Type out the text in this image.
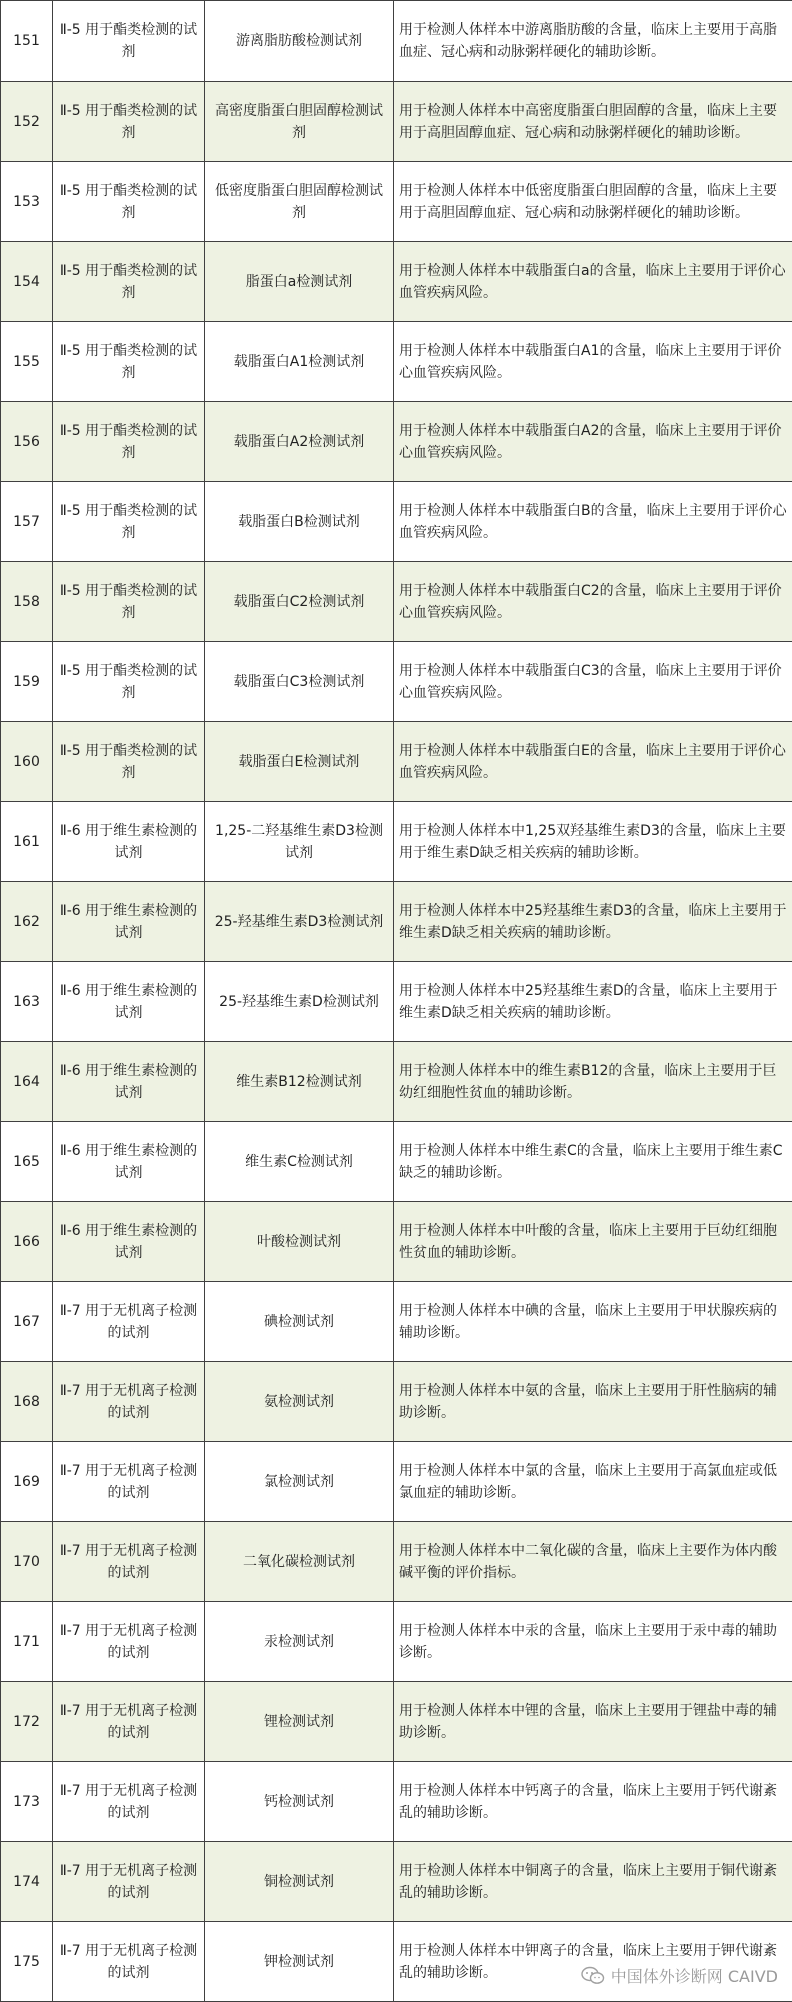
151	Ⅱ-5 用于酯类检测的试剂	游离脂肪酸检测试剂	用于检测人体样本中游离脂肪酸的含量，临床上主要用于高脂血症、冠心病和动脉粥样硬化的辅助诊断。
152	Ⅱ-5 用于酯类检测的试剂	高密度脂蛋白胆固醇检测试剂	用于检测人体样本中高密度脂蛋白胆固醇的含量，临床上主要用于高胆固醇血症、冠心病和动脉粥样硬化的辅助诊断。
153	Ⅱ-5 用于酯类检测的试剂	低密度脂蛋白胆固醇检测试剂	用于检测人体样本中低密度脂蛋白胆固醇的含量，临床上主要用于高胆固醇血症、冠心病和动脉粥样硬化的辅助诊断。
154	Ⅱ-5 用于酯类检测的试剂	脂蛋白a检测试剂	用于检测人体样本中载脂蛋白a的含量，临床上主要用于评价心血管疾病风险。
155	Ⅱ-5 用于酯类检测的试剂	载脂蛋白A1检测试剂	用于检测人体样本中载脂蛋白A1的含量，临床上主要用于评价心血管疾病风险。
156	Ⅱ-5 用于酯类检测的试剂	载脂蛋白A2检测试剂	用于检测人体样本中载脂蛋白A2的含量，临床上主要用于评价心血管疾病风险。
157	Ⅱ-5 用于酯类检测的试剂	载脂蛋白B检测试剂	用于检测人体样本中载脂蛋白B的含量，临床上主要用于评价心血管疾病风险。
158	Ⅱ-5 用于酯类检测的试剂	载脂蛋白C2检测试剂	用于检测人体样本中载脂蛋白C2的含量，临床上主要用于评价心血管疾病风险。
159	Ⅱ-5 用于酯类检测的试剂	载脂蛋白C3检测试剂	用于检测人体样本中载脂蛋白C3的含量，临床上主要用于评价心血管疾病风险。
160	Ⅱ-5 用于酯类检测的试剂	载脂蛋白E检测试剂	用于检测人体样本中载脂蛋白E的含量，临床上主要用于评价心血管疾病风险。
161	Ⅱ-6 用于维生素检测的试剂	1,25-二羟基维生素D3检测试剂	用于检测人体样本中1,25双羟基维生素D3的含量，临床上主要用于维生素D缺乏相关疾病的辅助诊断。
162	Ⅱ-6 用于维生素检测的试剂	25-羟基维生素D3检测试剂	用于检测人体样本中25羟基维生素D3的含量，临床上主要用于维生素D缺乏相关疾病的辅助诊断。
163	Ⅱ-6 用于维生素检测的试剂	25-羟基维生素D检测试剂	用于检测人体样本中25羟基维生素D的含量，临床上主要用于维生素D缺乏相关疾病的辅助诊断。
164	Ⅱ-6 用于维生素检测的试剂	维生素B12检测试剂	用于检测人体样本中的维生素B12的含量，临床上主要用于巨幼红细胞性贫血的辅助诊断。
165	Ⅱ-6 用于维生素检测的试剂	维生素C检测试剂	用于检测人体样本中维生素C的含量，临床上主要用于维生素C缺乏的辅助诊断。
166	Ⅱ-6 用于维生素检测的试剂	叶酸检测试剂	用于检测人体样本中叶酸的含量，临床上主要用于巨幼红细胞性贫血的辅助诊断。
167	Ⅱ-7 用于无机离子检测的试剂	碘检测试剂	用于检测人体样本中碘的含量，临床上主要用于甲状腺疾病的辅助诊断。
168	Ⅱ-7 用于无机离子检测的试剂	氨检测试剂	用于检测人体样本中氨的含量，临床上主要用于肝性脑病的辅助诊断。
169	Ⅱ-7 用于无机离子检测的试剂	氯检测试剂	用于检测人体样本中氯的含量，临床上主要用于高氯血症或低氯血症的辅助诊断。
170	Ⅱ-7 用于无机离子检测的试剂	二氧化碳检测试剂	用于检测人体样本中二氧化碳的含量，临床上主要作为体内酸碱平衡的评价指标。
171	Ⅱ-7 用于无机离子检测的试剂	汞检测试剂	用于检测人体样本中汞的含量，临床上主要用于汞中毒的辅助诊断。
172	Ⅱ-7 用于无机离子检测的试剂	锂检测试剂	用于检测人体样本中锂的含量，临床上主要用于锂盐中毒的辅助诊断。
173	Ⅱ-7 用于无机离子检测的试剂	钙检测试剂	用于检测人体样本中钙离子的含量，临床上主要用于钙代谢紊乱的辅助诊断。
174	Ⅱ-7 用于无机离子检测的试剂	铜检测试剂	用于检测人体样本中铜离子的含量，临床上主要用于铜代谢紊乱的辅助诊断。
175	Ⅱ-7 用于无机离子检测的试剂	钾检测试剂	用于检测人体样本中钾离子的含量，临床上主要用于钾代谢紊乱的辅助诊断。	中国体外诊断网 CAIVD
